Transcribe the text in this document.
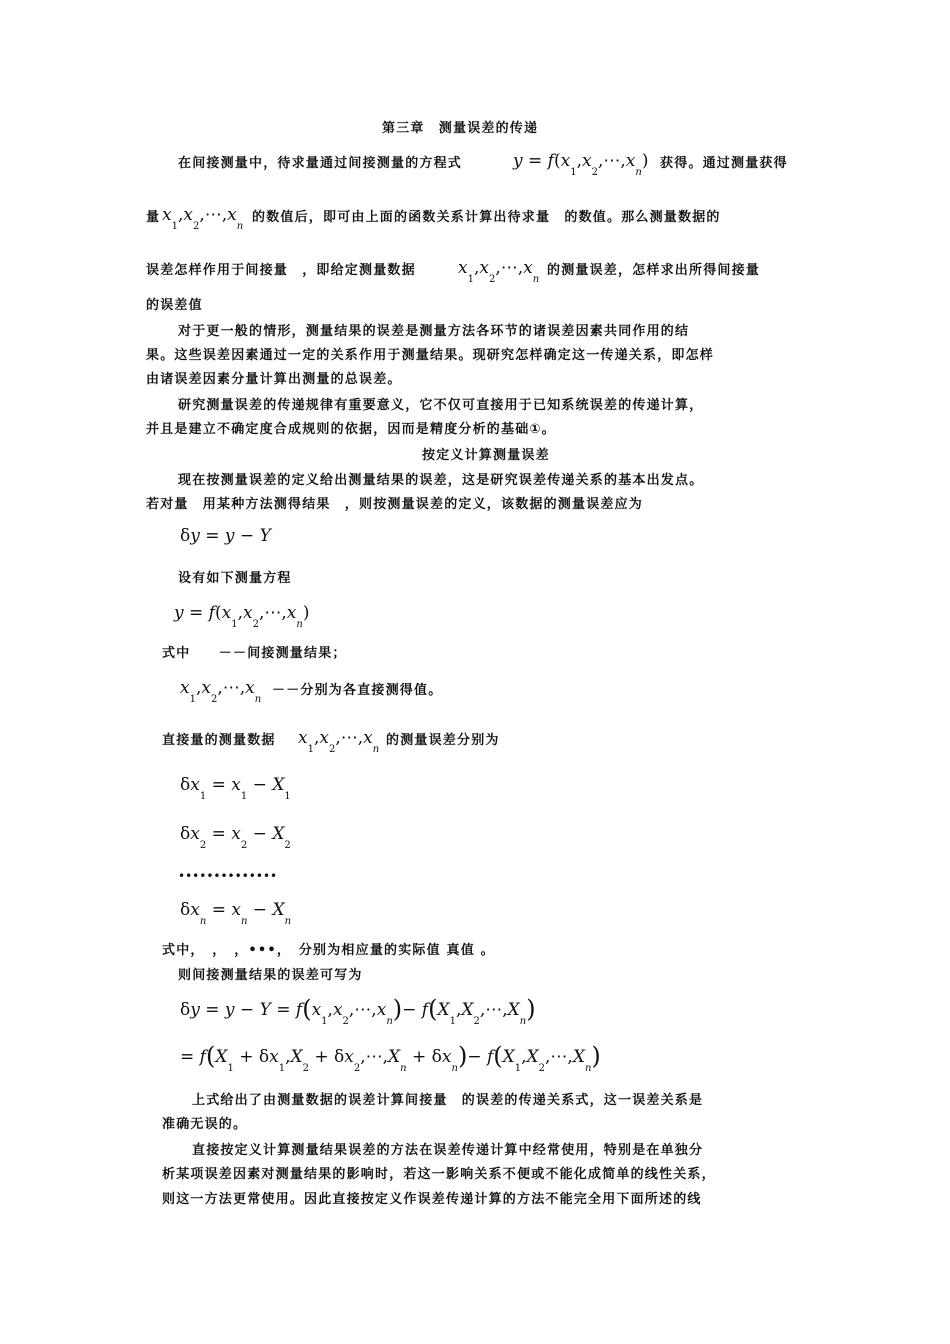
第三章　测量误差的传递
在间接测量中，待求量通过间接测量的方程式	$y = f(x_1,x_2,\cdots,x_n)$ 获得。通过测量获得
量 $x_1,x_2,\cdots,x_n$
的数值后，即可由上面的函数关系计算出待求量　的数值。那么测量数据的
误差怎样作用于间接量　，即给定测量数据 $x_1,x_2,\cdots,x_n$
的测量误差，怎样求出所得间接量
的误差值
对于更一般的情形，测量结果的误差是测量方法各环节的诸误差因素共同作用的结
果。这些误差因素通过一定的关系作用于测量结果。现研究怎样确定这一传递关系，即怎样
由诸误差因素分量计算出测量的总误差。
研究测量误差的传递规律有重要意义，它不仅可直接用于已知系统误差的传递计算，
并且是建立不确定度合成规则的依据，因而是精度分析的基础①。
按定义计算测量误差
现在按测量误差的定义给出测量结果的误差，这是研究误差传递关系的基本出发点。
若对量　用某种方法测得结果　，则按测量误差的定义，该数据的测量误差应为
δy = y − Y
设有如下测量方程
$y = f(x_1,x_2,\cdots,x_n)$
式中　　－－间接测量结果；
$x_1,x_2,\cdots,x_n$
－－分别为各直接测得值。
直接量的测量数据 $x_1,x_2,\cdots,x_n$
的测量误差分别为
$\delta x_1 = x_1 - X_1$
$\delta x_2 = x_2 - X_2$
••••••••••••••
$\delta x_n = x_n - X_n$
式中，　，　，•••，　分别为相应量的实际值 真值 。
则间接测量结果的误差可写为
$\delta y = y - Y = f(x_1,x_2,\cdots,x_n)-$ $f(X_1,X_2,\cdots,X_n)$
= $f(X_1 + \delta x_1,X_2$ + $\delta x_2,\cdots,X_n + \delta x_n)-$ $f(X_1,X_2,\cdots,X_n)$
上式给出了由测量数据的误差计算间接量　的误差的传递关系式，这一误差关系是
准确无误的。
直接按定义计算测量结果误差的方法在误差传递计算中经常使用，特别是在单独分
析某项误差因素对测量结果的影响时，若这一影响关系不便或不能化成简单的线性关系，
则这一方法更常使用。因此直接按定义作误差传递计算的方法不能完全用下面所述的线
